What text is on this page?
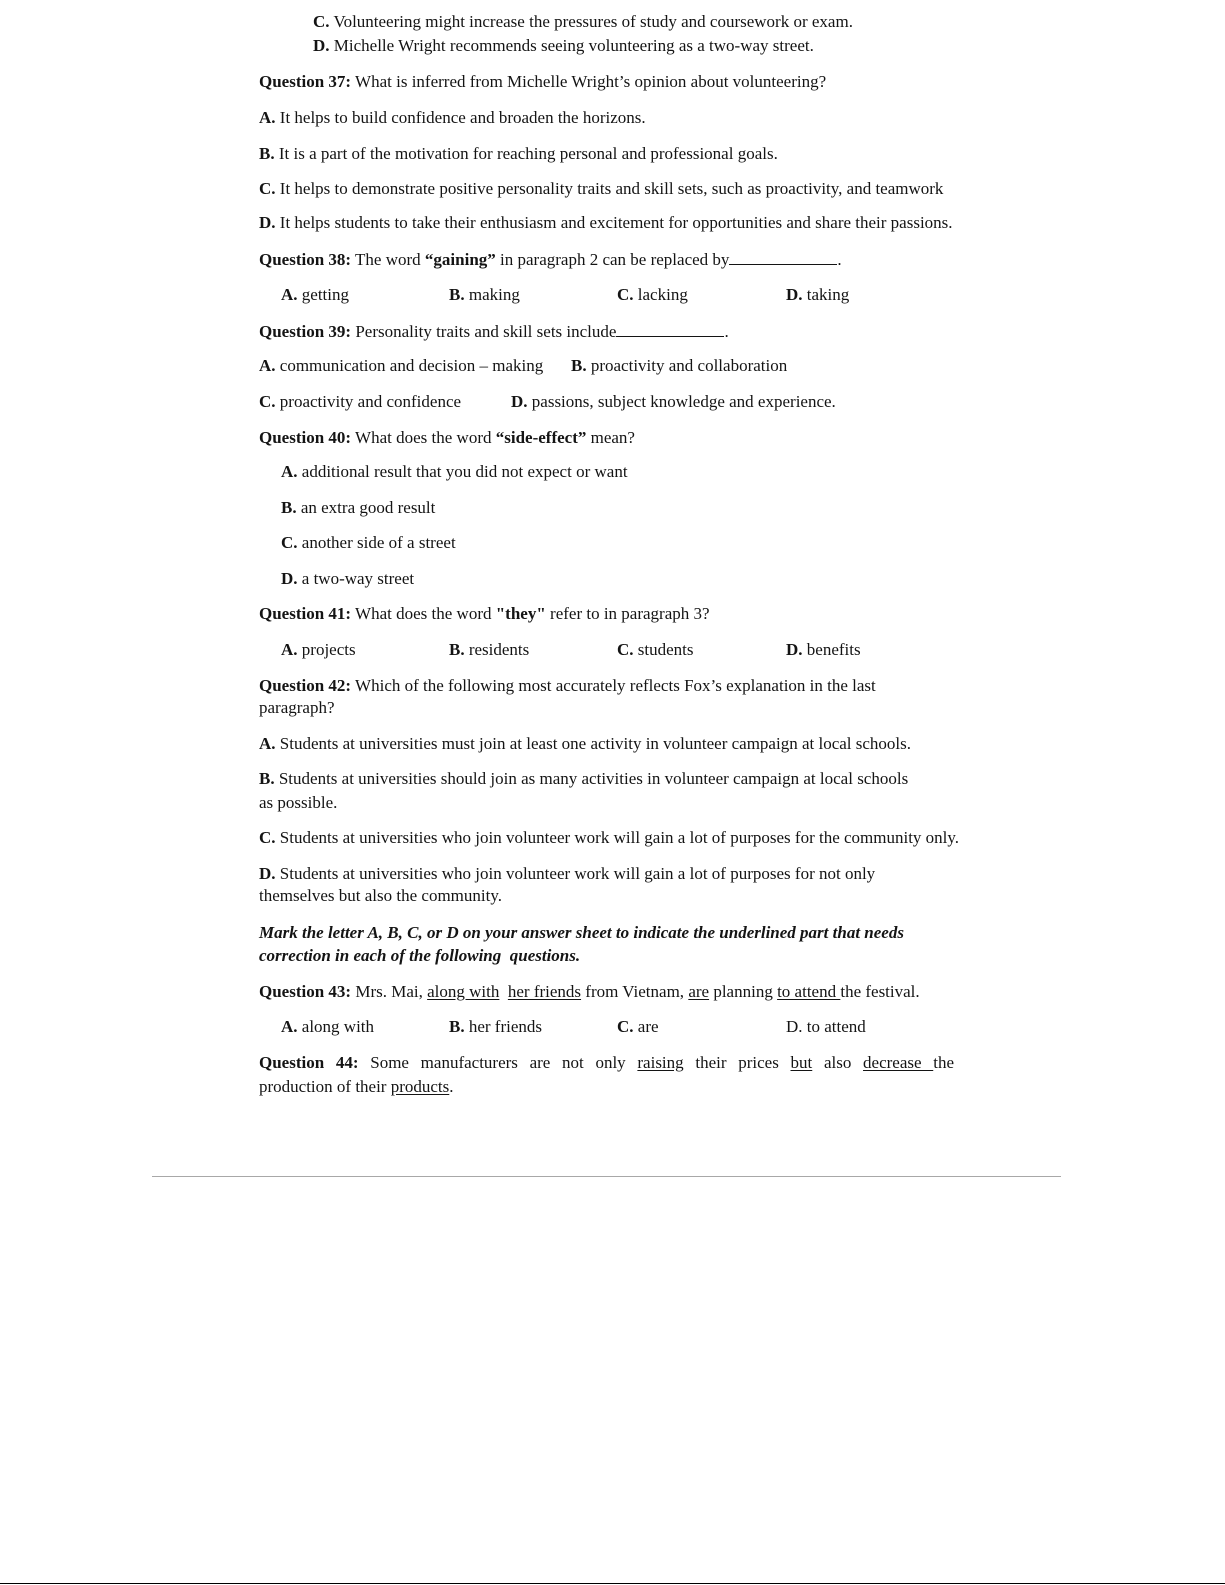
C. Volunteering might increase the pressures of study and coursework or exam.
D. Michelle Wright recommends seeing volunteering as a two-way street.
Question 37: What is inferred from Michelle Wright’s opinion about volunteering?
A. It helps to build confidence and broaden the horizons.
B. It is a part of the motivation for reaching personal and professional goals.
C. It helps to demonstrate positive personality traits and skill sets, such as proactivity, and teamwork
D. It helps students to take their enthusiasm and excitement for opportunities and share their passions.
Question 38: The word “gaining” in paragraph 2 can be replaced by	.
A. getting	B. making	C. lacking	D. taking
Question 39: Personality traits and skill sets include	.
A. communication and decision – making B. proactivity and collaboration
C. proactivity and confidence	D. passions, subject knowledge and experience.
Question 40: What does the word “side-effect” mean?
A. additional result that you did not expect or want
B. an extra good result
C. another side of a street
D. a two-way street
Question 41: What does the word "they" refer to in paragraph 3?
A. projects	B. residents	C. students	D. benefits
Question 42: Which of the following most accurately reflects Fox’s explanation in the last
paragraph?
A. Students at universities must join at least one activity in volunteer campaign at local schools.
B. Students at universities should join as many activities in volunteer campaign at local schools
as possible.
C. Students at universities who join volunteer work will gain a lot of purposes for the community only.
D. Students at universities who join volunteer work will gain a lot of purposes for not only
themselves but also the community.
Mark the letter A, B, C, or D on your answer sheet to indicate the underlined part that needs
correction in each of the following  questions.
Question 43: Mrs. Mai, along with her friends from Vietnam, are planning to attend the festival.
A. along with	B. her friends	C. are	D. to attend
Question 44: Some manufacturers are not only raising their prices but also decrease the
production of their products.
